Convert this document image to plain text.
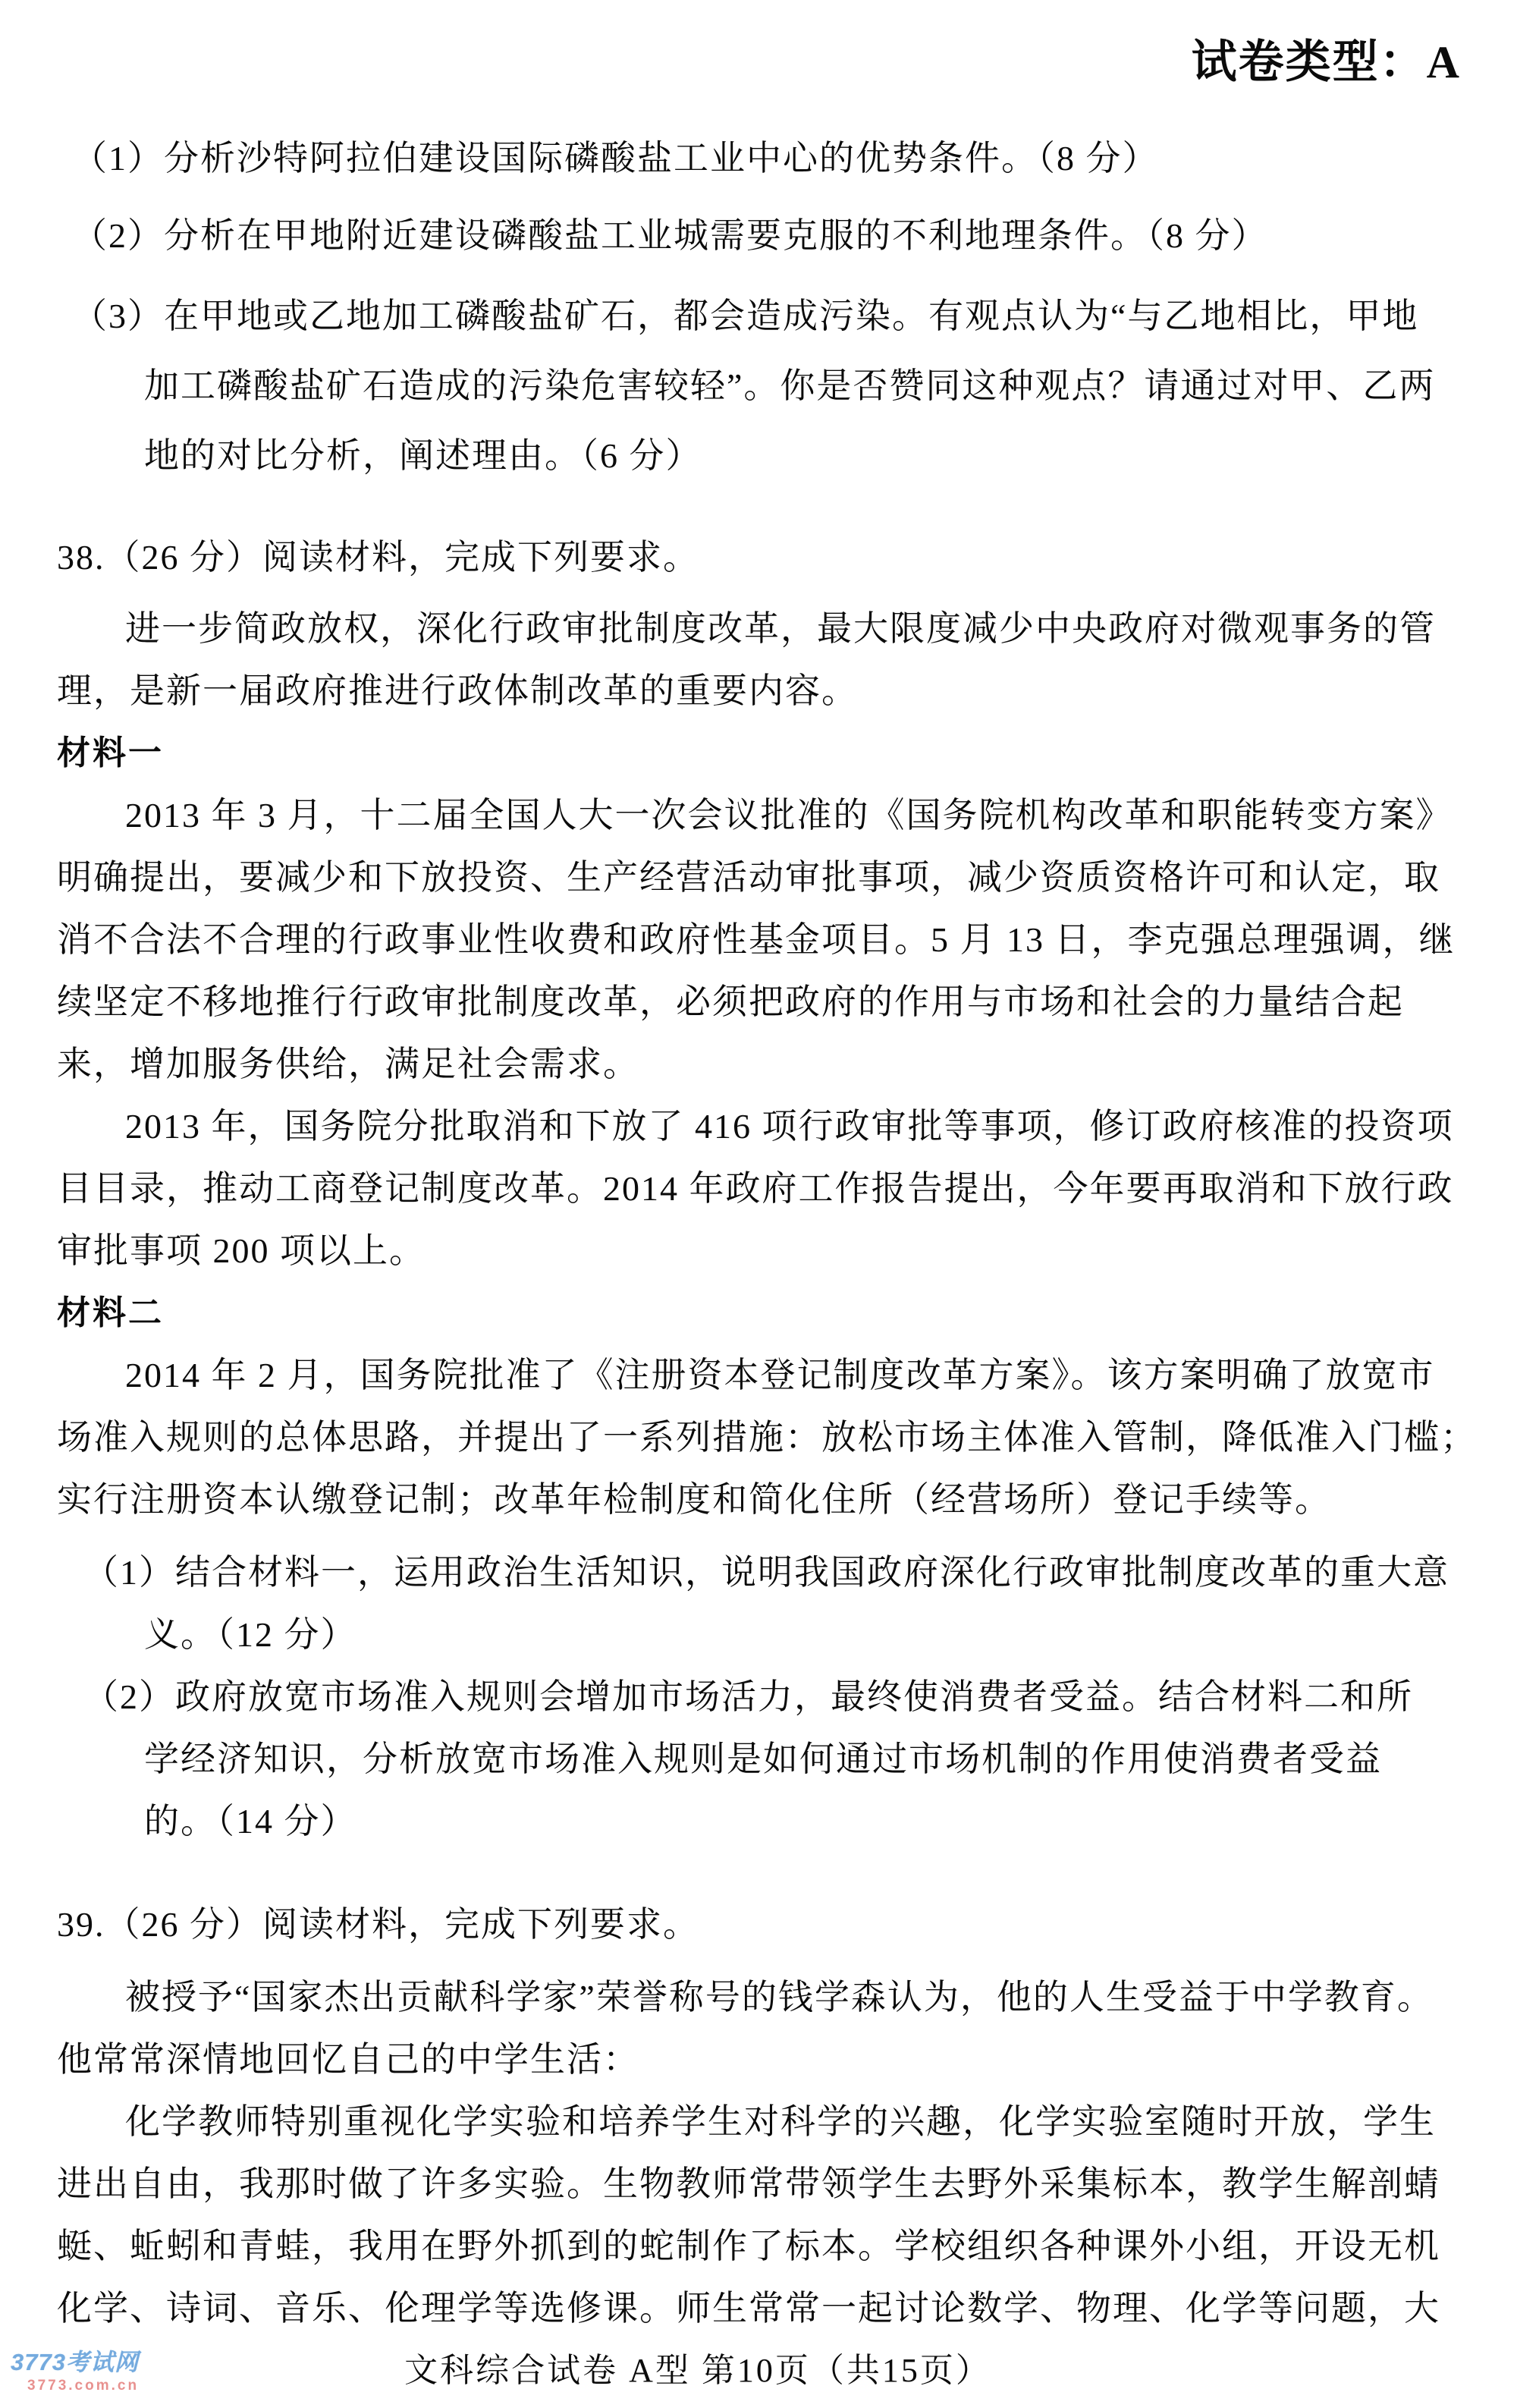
试卷类型：A
（1）分析沙特阿拉伯建设国际磷酸盐工业中心的优势条件。（8 分）
（2）分析在甲地附近建设磷酸盐工业城需要克服的不利地理条件。（8 分）
（3）在甲地或乙地加工磷酸盐矿石，都会造成污染。有观点认为“与乙地相比，甲地
加工磷酸盐矿石造成的污染危害较轻”。你是否赞同这种观点？请通过对甲、乙两
地的对比分析，阐述理由。（6 分）
38.（26 分）阅读材料，完成下列要求。
进一步简政放权，深化行政审批制度改革，最大限度减少中央政府对微观事务的管
理，是新一届政府推进行政体制改革的重要内容。
材料一
2013 年 3 月，十二届全国人大一次会议批准的《国务院机构改革和职能转变方案》
明确提出，要减少和下放投资、生产经营活动审批事项，减少资质资格许可和认定，取
消不合法不合理的行政事业性收费和政府性基金项目。5 月 13 日，李克强总理强调，继
续坚定不移地推行行政审批制度改革，必须把政府的作用与市场和社会的力量结合起
来，增加服务供给，满足社会需求。
2013 年，国务院分批取消和下放了 416 项行政审批等事项，修订政府核准的投资项
目目录，推动工商登记制度改革。2014 年政府工作报告提出，今年要再取消和下放行政
审批事项 200 项以上。
材料二
2014 年 2 月，国务院批准了《注册资本登记制度改革方案》。该方案明确了放宽市
场准入规则的总体思路，并提出了一系列措施：放松市场主体准入管制，降低准入门槛；
实行注册资本认缴登记制；改革年检制度和简化住所（经营场所）登记手续等。
（1）结合材料一，运用政治生活知识，说明我国政府深化行政审批制度改革的重大意
义。（12 分）
（2）政府放宽市场准入规则会增加市场活力，最终使消费者受益。结合材料二和所
学经济知识，分析放宽市场准入规则是如何通过市场机制的作用使消费者受益
的。（14 分）
39.（26 分）阅读材料，完成下列要求。
被授予“国家杰出贡献科学家”荣誉称号的钱学森认为，他的人生受益于中学教育。
他常常深情地回忆自己的中学生活：
化学教师特别重视化学实验和培养学生对科学的兴趣，化学实验室随时开放，学生
进出自由，我那时做了许多实验。生物教师常带领学生去野外采集标本，教学生解剖蜻
蜓、蚯蚓和青蛙，我用在野外抓到的蛇制作了标本。学校组织各种课外小组，开设无机
化学、诗词、音乐、伦理学等选修课。师生常常一起讨论数学、物理、化学等问题，大
文科综合试卷 A型 第10页（共15页）
3773考试网
3773.com.cn
